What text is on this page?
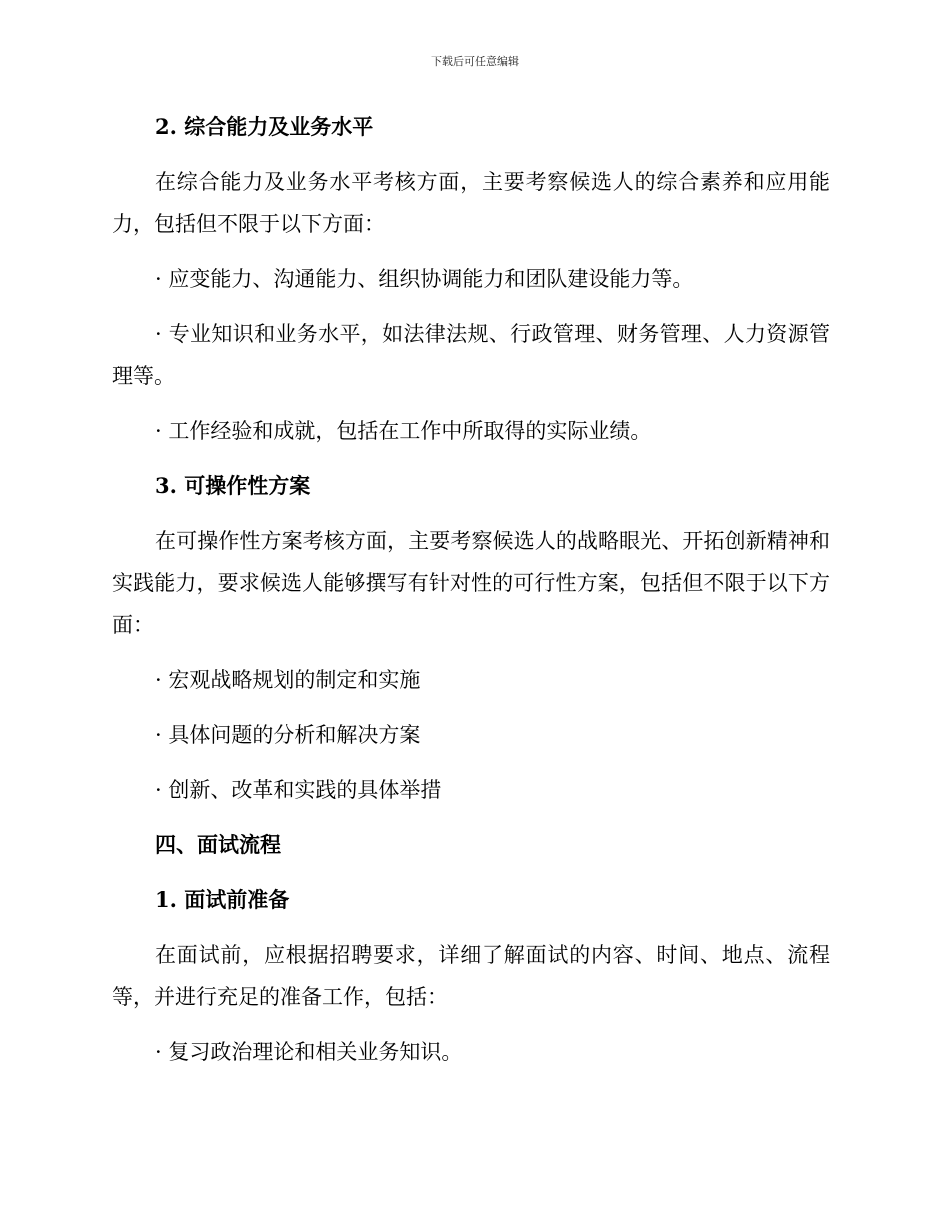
下载后可任意编辑
2. 综合能力及业务水平
在综合能力及业务水平考核方面，主要考察候选人的综合素养和应用能力，包括但不限于以下方面：
· 应变能力、沟通能力、组织协调能力和团队建设能力等。
· 专业知识和业务水平，如法律法规、行政管理、财务管理、人力资源管理等。
· 工作经验和成就，包括在工作中所取得的实际业绩。
3. 可操作性方案
在可操作性方案考核方面，主要考察候选人的战略眼光、开拓创新精神和实践能力，要求候选人能够撰写有针对性的可行性方案，包括但不限于以下方面：
· 宏观战略规划的制定和实施
· 具体问题的分析和解决方案
· 创新、改革和实践的具体举措
四、面试流程
1. 面试前准备
在面试前，应根据招聘要求，详细了解面试的内容、时间、地点、流程等，并进行充足的准备工作，包括：
· 复习政治理论和相关业务知识。
